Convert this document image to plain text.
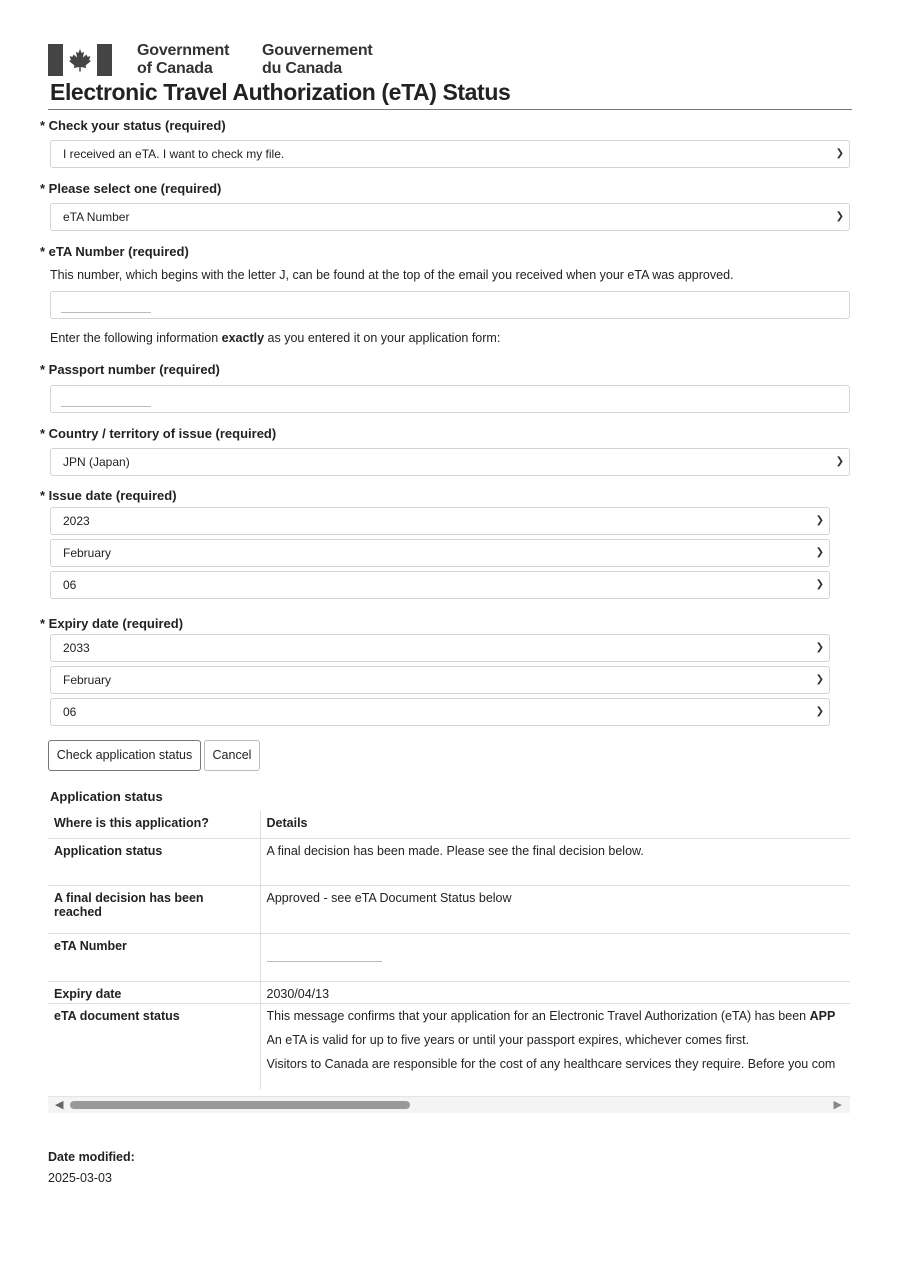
Government
of Canada
Gouvernement
du Canada
Electronic Travel Authorization (eTA) Status
* Check your status (required)
I received an eTA. I want to check my file.	❯
* Please select one (required)
eTA Number	❯
* eTA Number (required)
This number, which begins with the letter J, can be found at the top of the email you received when your eTA was approved.
Enter the following information exactly as you entered it on your application form:
* Passport number (required)
* Country / territory of issue (required)
JPN (Japan)	❯
* Issue date (required)
2023	❯
February	❯
06	❯
* Expiry date (required)
2033	❯
February	❯
06	❯
Check application status	Cancel
Application status
Where is this application?	Details
Application status	A final decision has been made. Please see the final decision below.
A final decision has been reached	Approved - see eTA Document Status below
eTA Number	

Expiry date	2030/04/13
eTA document status	This message confirms that your application for an Electronic Travel Authorization (eTA) has been APP
An eTA is valid for up to five years or until your passport expires, whichever comes first.
Visitors to Canada are responsible for the cost of any healthcare services they require. Before you com
◀	▶
Date modified:
2025-03-03
